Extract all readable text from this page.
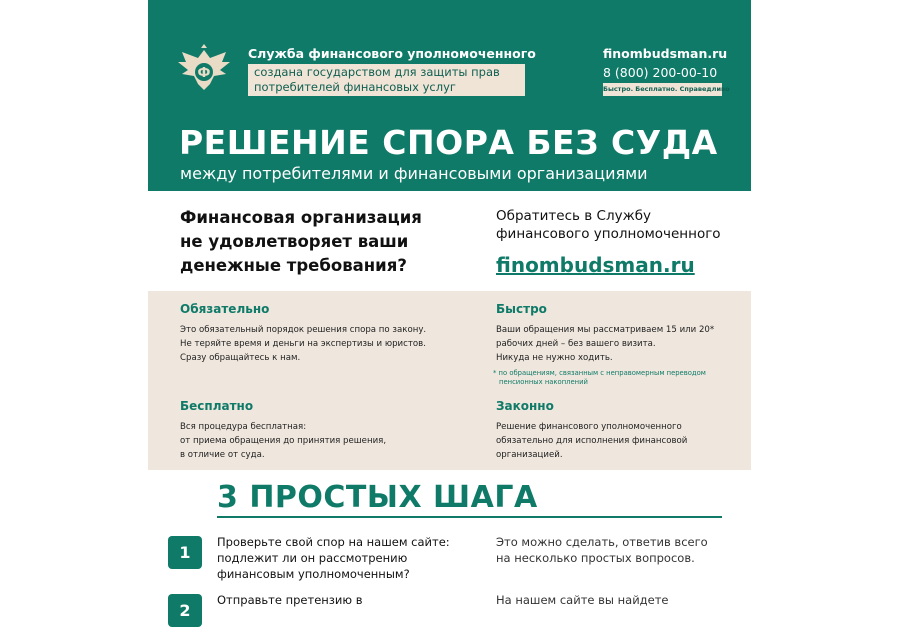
Ф
Служба финансового уполномоченного
создана государством для защиты прав
потребителей финансовых услуг
finombudsman.ru
8 (800) 200-00-10
Быстро. Бесплатно. Справедливо
РЕШЕНИЕ СПОРА БЕЗ СУДА
между потребителями и финансовыми организациями
Финансовая организация
не удовлетворяет ваши
денежные требования?
Обратитесь в Службу
финансового уполномоченного
finombudsman.ru
Обязательно
Это обязательный порядок решения спора по закону.
Не теряйте время и деньги на экспертизы и юристов.
Сразу обращайтесь к нам.
Быстро
Ваши обращения мы рассматриваем 15 или 20*
рабочих дней – без вашего визита.
Никуда не нужно ходить.
* по обращениям, связанным с неправомерным переводом
пенсионных накоплений
Бесплатно
Вся процедура бесплатная:
от приема обращения до принятия решения,
в отличие от суда.
Законно
Решение финансового уполномоченного
обязательно для исполнения финансовой
организацией.
3 ПРОСТЫХ ШАГА
1
Проверьте свой спор на нашем сайте:
подлежит ли он рассмотрению
финансовым уполномоченным?
Это можно сделать, ответив всего
на несколько простых вопросов.
2
Отправьте претензию в	На нашем сайте вы найдете
